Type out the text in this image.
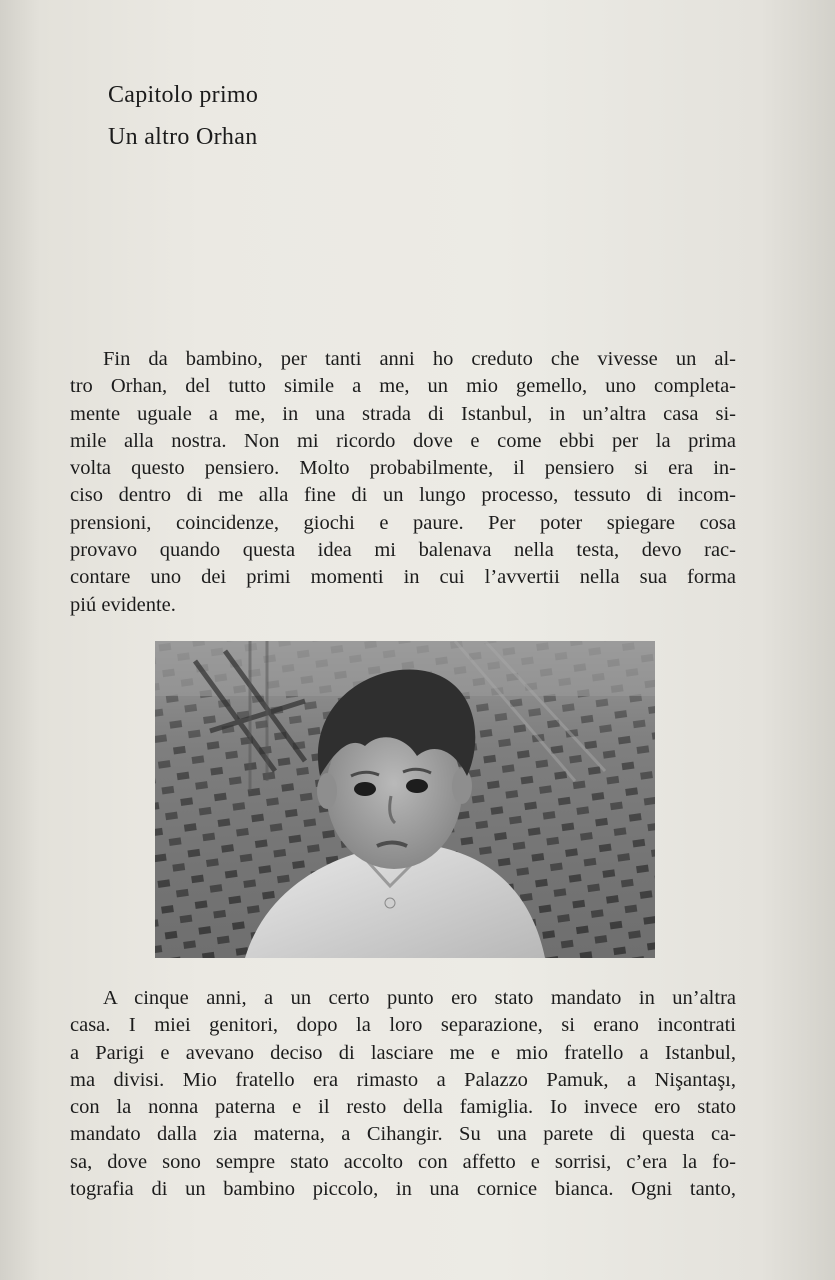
Capitolo primo
Un altro Orhan
Fin da bambino, per tanti anni ho creduto che vivesse un al-
tro Orhan, del tutto simile a me, un mio gemello, uno completa-
mente uguale a me, in una strada di Istanbul, in un’altra casa si-
mile alla nostra. Non mi ricordo dove e come ebbi per la prima
volta questo pensiero. Molto probabilmente, il pensiero si era in-
ciso dentro di me alla fine di un lungo processo, tessuto di incom-
prensioni, coincidenze, giochi e paure. Per poter spiegare cosa
provavo quando questa idea mi balenava nella testa, devo rac-
contare uno dei primi momenti in cui l’avvertii nella sua forma
piú evidente.
A cinque anni, a un certo punto ero stato mandato in un’altra
casa. I miei genitori, dopo la loro separazione, si erano incontrati
a Parigi e avevano deciso di lasciare me e mio fratello a Istanbul,
ma divisi. Mio fratello era rimasto a Palazzo Pamuk, a Nişantaşı,
con la nonna paterna e il resto della famiglia. Io invece ero stato
mandato dalla zia materna, a Cihangir. Su una parete di questa ca-
sa, dove sono sempre stato accolto con affetto e sorrisi, c’era la fo-
tografia di un bambino piccolo, in una cornice bianca. Ogni tanto,
